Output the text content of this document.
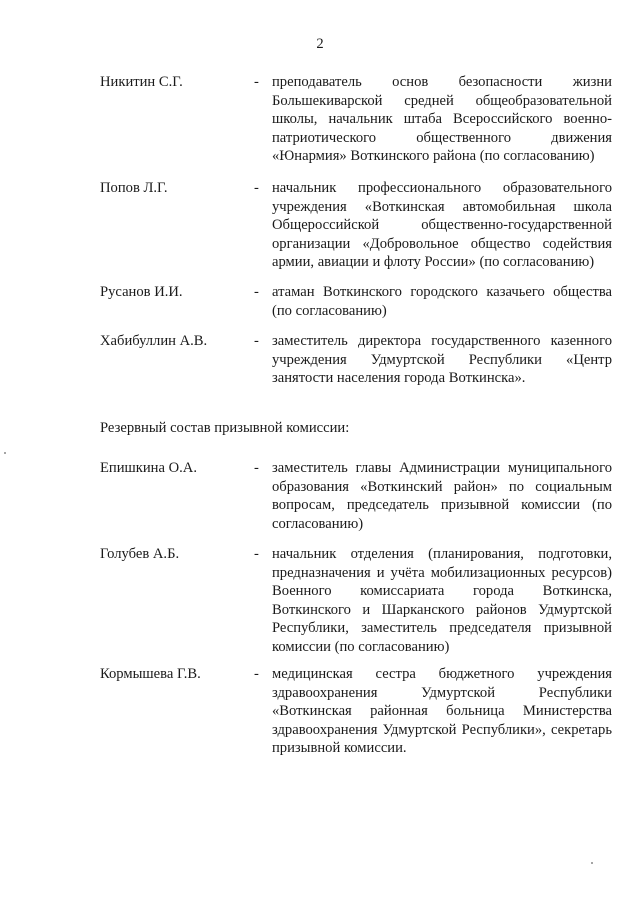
2
Никитин С.Г.	- преподаватель основ безопасности жизни Большекиварской средней общеобразовательной школы, начальник штаба Всероссийского военно-патриотического общественного движения «Юнармия» Воткинского района (по согласованию)
Попов Л.Г.	- начальник профессионального образовательного учреждения «Воткинская автомобильная школа Общероссийской общественно-государственной организации «Добровольное общество содействия армии, авиации и флоту России» (по согласованию)
Русанов И.И.	- атаман Воткинского городского казачьего общества (по согласованию)
Хабибуллин А.В.	- заместитель директора государственного казенного учреждения Удмуртской Республики «Центр занятости населения города Воткинска».
Резервный состав призывной комиссии:
Епишкина О.А.	- заместитель главы Администрации муниципального образования «Воткинский район» по социальным вопросам, председатель призывной комиссии (по согласованию)
Голубев А.Б.	- начальник отделения (планирования, подготовки, предназначения и учёта мобилизационных ресурсов) Военного комиссариата города Воткинска, Воткинского и Шарканского районов Удмуртской Республики, заместитель председателя призывной комиссии (по согласованию)
Кормышева Г.В.	- медицинская сестра бюджетного учреждения здравоохранения Удмуртской Республики «Воткинская районная больница Министерства здравоохранения Удмуртской Республики», секретарь призывной комиссии.
